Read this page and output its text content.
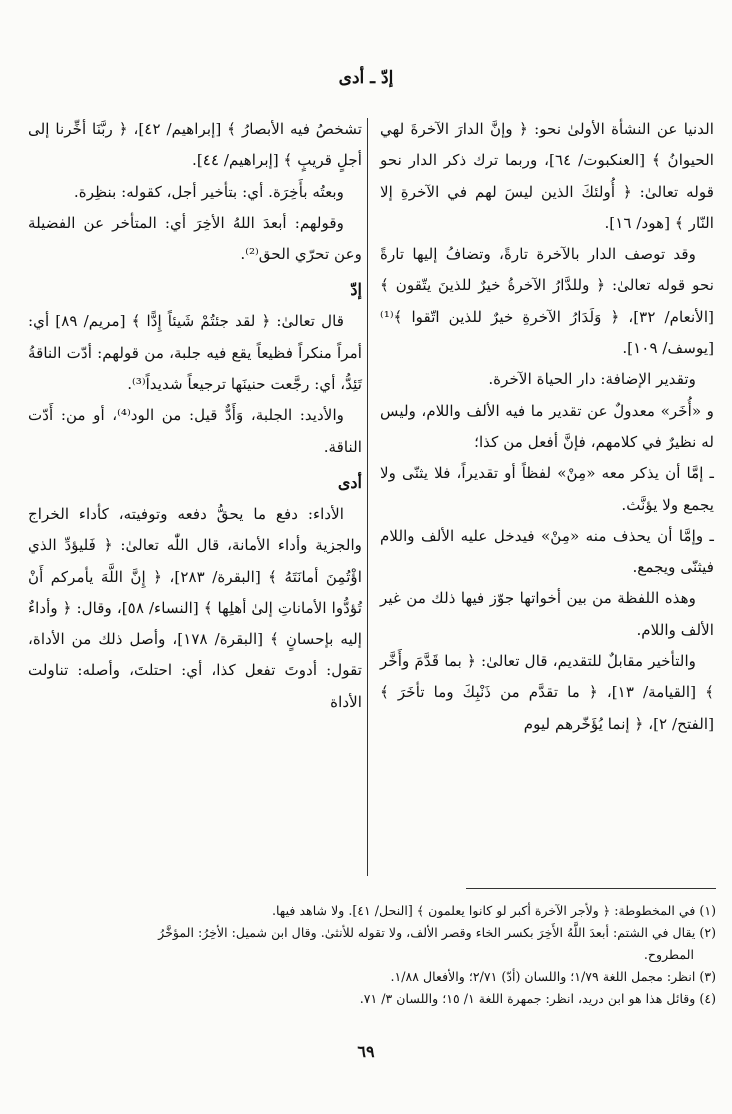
إدّ ـ أدى

الدنيا عن النشأة الأولىٰ نحو: ﴿ وإنَّ الدارَ الآخرةَ لهي الحيوانُ ﴾ [العنكبوت/ ٦٤]، وربما ترك ذكر الدار نحو قوله تعالىٰ: ﴿ أُولئكَ الذين ليسَ لهم في الآخرةِ إلا النّار ﴾ [هود/ ١٦].

وقد توصف الدار بالآخرة تارةً، وتضافُ إليها تارةً نحو قوله تعالىٰ: ﴿ وللدَّارُ الآخرةُ خيرٌ للذينَ يتّقون ﴾ [الأنعام/ ٣٢]، ﴿ وَلَدَارُ الآخرةِ خيرٌ للذين اتّقوا ﴾⁽¹⁾ [يوسف/ ١٠٩].

وتقدير الإضافة: دار الحياة الآخرة.

و «أُخَر» معدولٌ عن تقدير ما فيه الألف واللام، وليس له نظيرٌ في كلامهم، فإنَّ أفعل من كذا؛

ـ إمَّا أن يذكر معه «مِنْ» لفظاً أو تقديراً، فلا يثنّى ولا يجمع ولا يؤنَّث.

ـ وإمَّا أن يحذف منه «مِنْ» فيدخل عليه الألف واللام فيثنّى ويجمع.

وهذه اللفظة من بين أخواتها جوّز فيها ذلك من غير الألف واللام.

والتأخير مقابلٌ للتقديم، قال تعالىٰ: ﴿ بما قَدَّمَ وأَخَّر ﴾ [القيامة/ ١٣]، ﴿ ما تقدَّم من ذَنْبِكَ وما تأخَرَ ﴾ [الفتح/ ٢]، ﴿ إنما يُؤَخّرهم ليوم

تشخصُ فيه الأبصارُ ﴾ [إبراهيم/ ٤٢]، ﴿ ربَّنَا أخِّرنا إلى أجلٍ قريبٍ ﴾ [إبراهيم/ ٤٤].

وبعتُه بأَخِرَة. أي: بتأخير أجل، كقوله: بنظِرة.

وقولهم: أبعدَ اللهُ الأخِرَ أي: المتأخر عن الفضيلة وعن تحرّي الحق⁽²⁾.

إدّ

قال تعالىٰ: ﴿ لقد جئتُمْ شَيئاً إِدًّا ﴾ [مريم/ ٨٩] أي: أمراً منكراً فظيعاً يقع فيه جلبة، من قولهم: أدّت الناقةُ تَئِدُّ، أي: رجَّعت حنينَها ترجيعاً شديداً⁽³⁾.

والأديد: الجلبة، وَأَدٌّ قيل: من الود⁽⁴⁾، أو من: أَدّت الناقة.

أدى

الأداء: دفع ما يحقُّ دفعه وتوفيته، كأداء الخراج والجزية وأداء الأمانة، قال اللّٰه تعالىٰ: ﴿ فَليؤدِّ الذي اؤْتُمِنَ أمانَتَهُ ﴾ [البقرة/ ٢٨٣]، ﴿ إِنَّ اللَّهَ يأمركم أَنْ تُؤدُّوا الأماناتِ إلىٰ أهلِها ﴾ [النساء/ ٥٨]، وقال: ﴿ وأداءٌ إليه بإحسانٍ ﴾ [البقرة/ ١٧٨]، وأصل ذلك من الأداة، تقول: أدوتَ تفعل كذا، أي: احتلتَ، وأصله: تناولت الأداة

(١) في المخطوطة: ﴿ ولأجر الآخرة أكبر لو كانوا يعلمون ﴾ [النحل/ ٤١]. ولا شاهد فيها.

(٢) يقال في الشتم: أبعدَ اللَّهُ الأَخِرَ بكسر الخاء وقصر الألف، ولا تقوله للأنثىٰ. وقال ابن شميل: الأخِرُ: المؤخَّرُ

المطروح.

(٣) انظر: مجمل اللغة ١/٧٩؛ واللسان (أدّ) ٢/٧١؛ والأفعال ١/٨٨.

(٤) وقائل هذا هو ابن دريد، انظر: جمهرة اللغة ١/ ١٥؛ واللسان ٣/ ٧١.

٦٩
